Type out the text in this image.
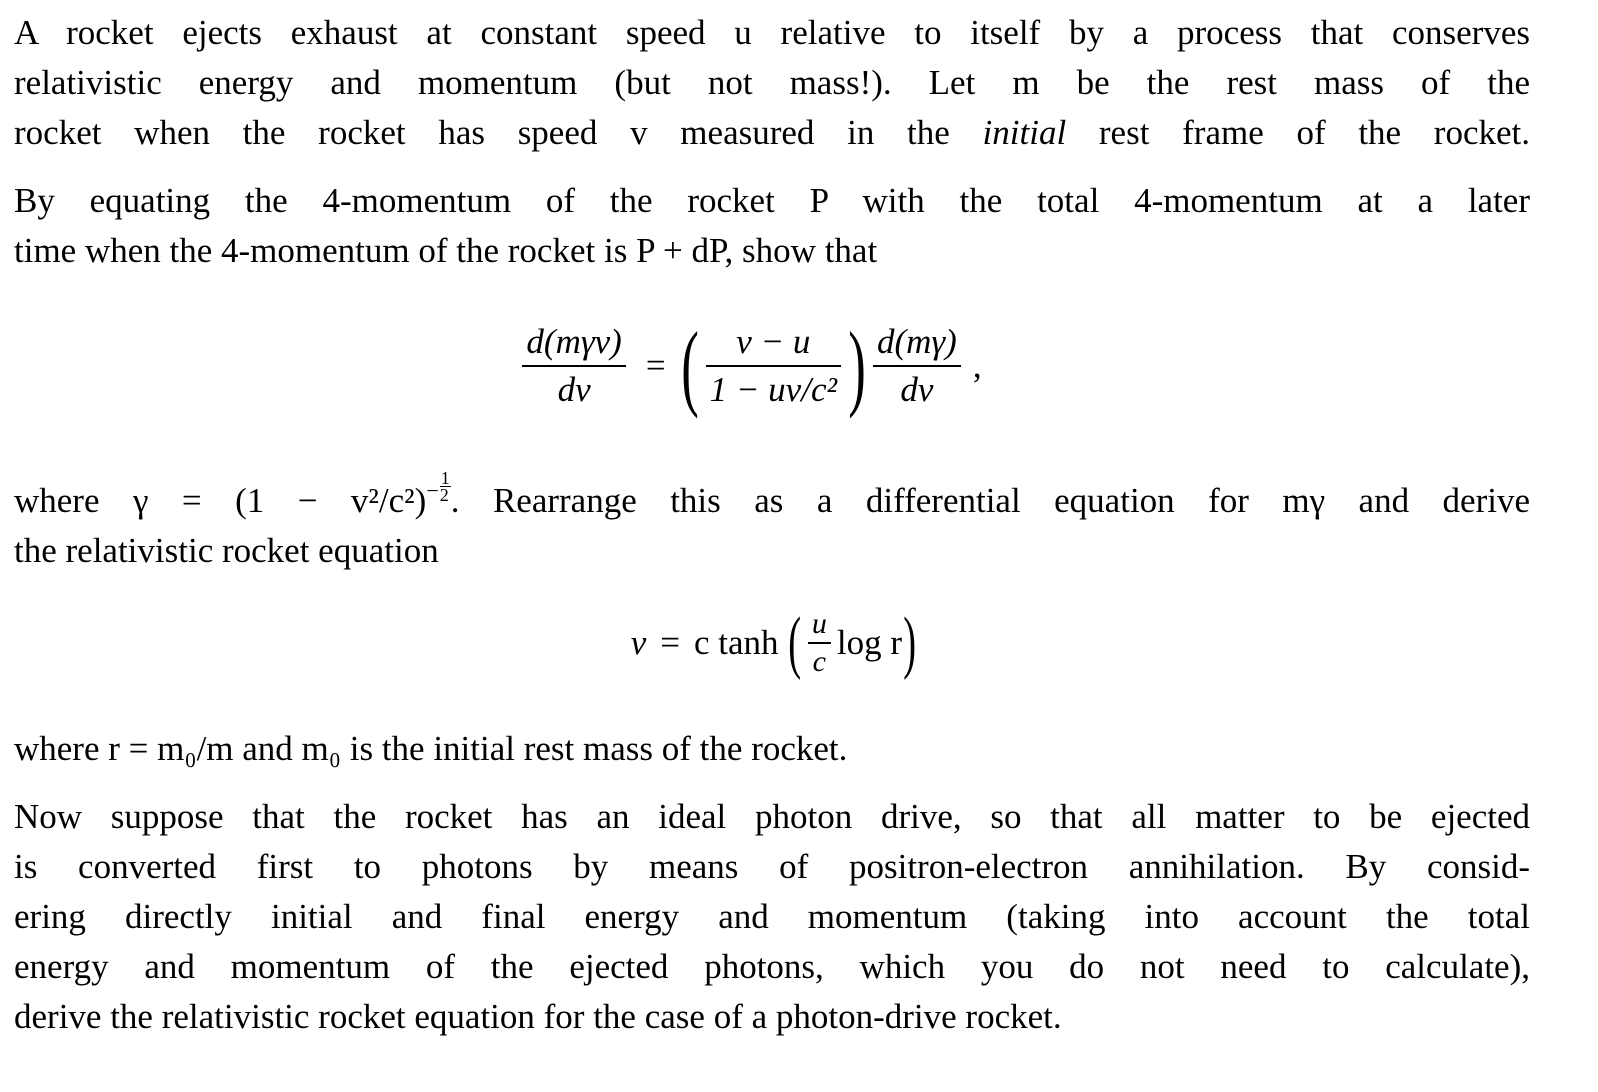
A rocket ejects exhaust at constant speed u relative to itself by a process that conserves
relativistic energy and momentum (but not mass!). Let m be the rest mass of the
rocket when the rocket has speed v measured in the initial rest frame of the rocket.

By equating the 4-momentum of the rocket P with the total 4-momentum at a later
time when the 4-momentum of the rocket is P + dP, show that

$\frac{\text{d(mγv)}}{dv}$ = ( $\frac{v - u}{\text{1 − uv/c²}}$ ) $\frac{d(m\gamma)}{dv}$ ,

where $\gamma = (1 - v^2/c^2)^{- \frac{1}{2}}$ . Rearrange this as a differential equation for mγ and derive
the relativistic rocket equation

v = c tanh ( $\frac{u}{c}$ log r )

where r = m₀/m and m₀ is the initial rest mass of the rocket.

Now suppose that the rocket has an ideal photon drive, so that all matter to be ejected
is converted first to photons by means of positron-electron annihilation. By consid-
ering directly initial and final energy and momentum (taking into account the total
energy and momentum of the ejected photons, which you do not need to calculate),
derive the relativistic rocket equation for the case of a photon-drive rocket.
